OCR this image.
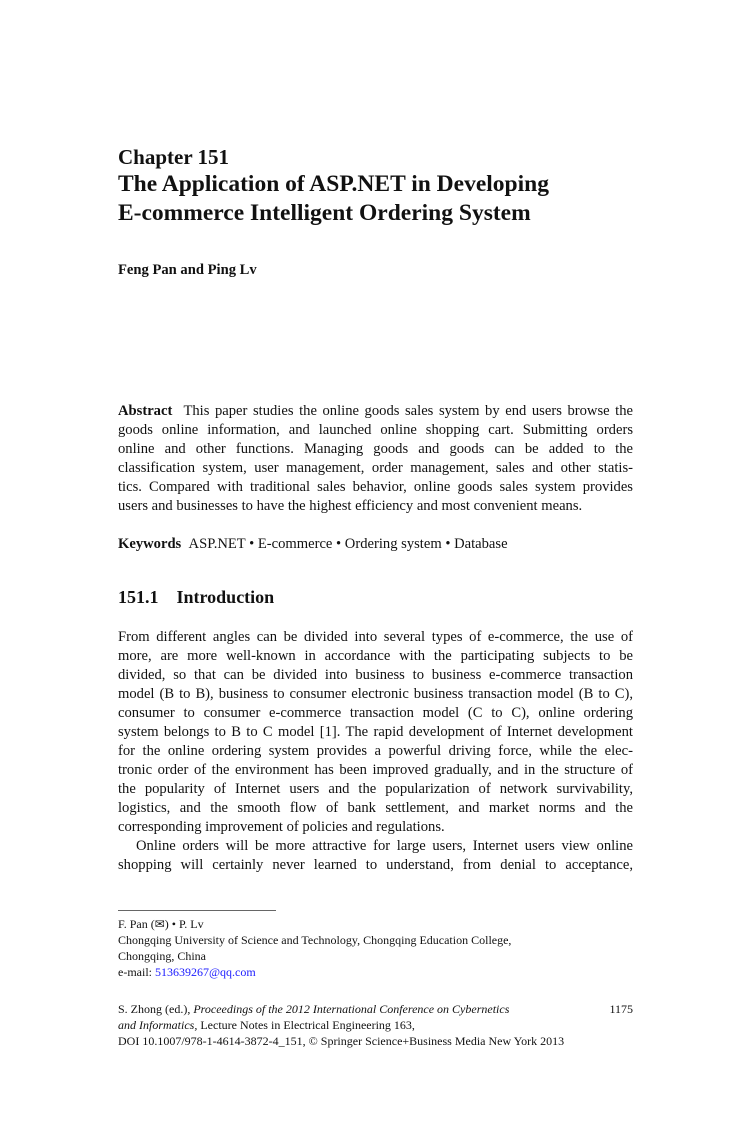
Chapter 151
The Application of ASP.NET in Developing
E-commerce Intelligent Ordering System
Feng Pan and Ping Lv
Abstract This paper studies the online goods sales system by end users browse the
goods online information, and launched online shopping cart. Submitting orders
online and other functions. Managing goods and goods can be added to the
classification system, user management, order management, sales and other statis-
tics. Compared with traditional sales behavior, online goods sales system provides
users and businesses to have the highest efficiency and most convenient means.
Keywords ASP.NET • E-commerce • Ordering system • Database
151.1 Introduction
From different angles can be divided into several types of e-commerce, the use of
more, are more well-known in accordance with the participating subjects to be
divided, so that can be divided into business to business e-commerce transaction
model (B to B), business to consumer electronic business transaction model (B to C),
consumer to consumer e-commerce transaction model (C to C), online ordering
system belongs to B to C model [1]. The rapid development of Internet development
for the online ordering system provides a powerful driving force, while the elec-
tronic order of the environment has been improved gradually, and in the structure of
the popularity of Internet users and the popularization of network survivability,
logistics, and the smooth flow of bank settlement, and market norms and the
corresponding improvement of policies and regulations.
Online orders will be more attractive for large users, Internet users view online
shopping will certainly never learned to understand, from denial to acceptance,
F. Pan (✉) • P. Lv
Chongqing University of Science and Technology, Chongqing Education College,
Chongqing, China
e-mail: 513639267@qq.com
S. Zhong (ed.), Proceedings of the 2012 International Conference on Cybernetics	1175
and Informatics, Lecture Notes in Electrical Engineering 163,
DOI 10.1007/978-1-4614-3872-4_151, © Springer Science+Business Media New York 2013
